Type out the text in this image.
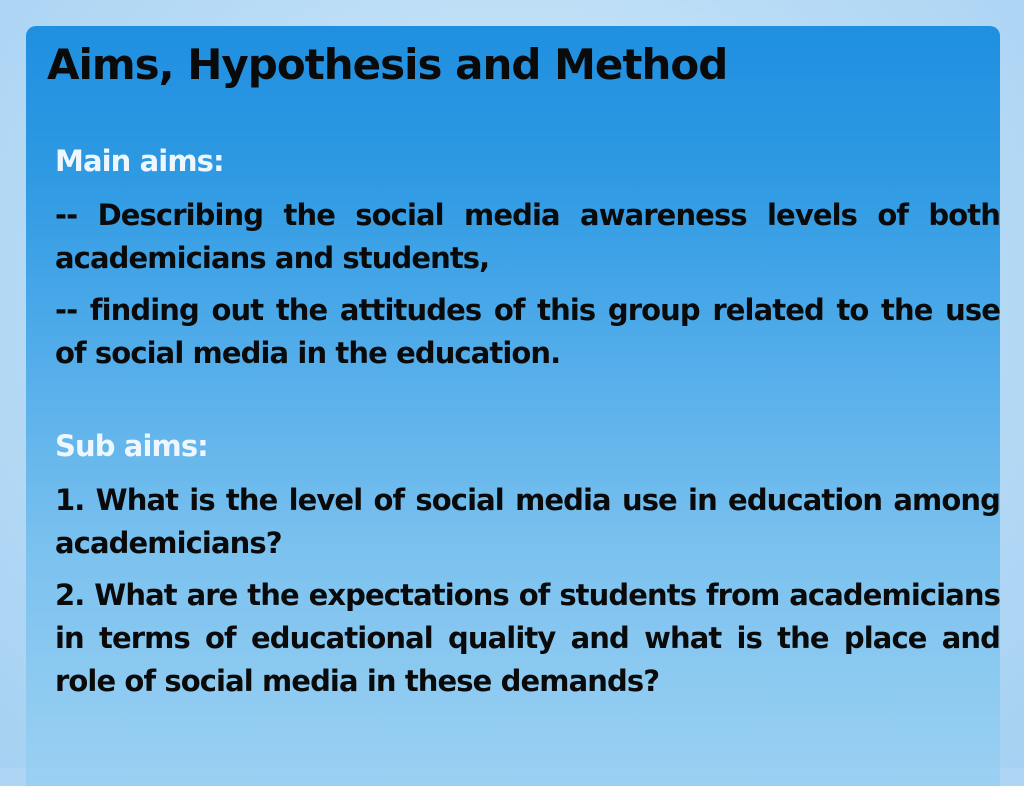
Aims, Hypothesis and Method

Main aims:

-- Describing the social media awareness levels of both academicians and students,

-- finding out the attitudes of this group related to the use of social media in the education.

Sub aims:

1. What is the level of social media use in education among academicians?

2. What are the expectations of students from academicians in terms of educational quality and what is the place and role of social media in these demands?
